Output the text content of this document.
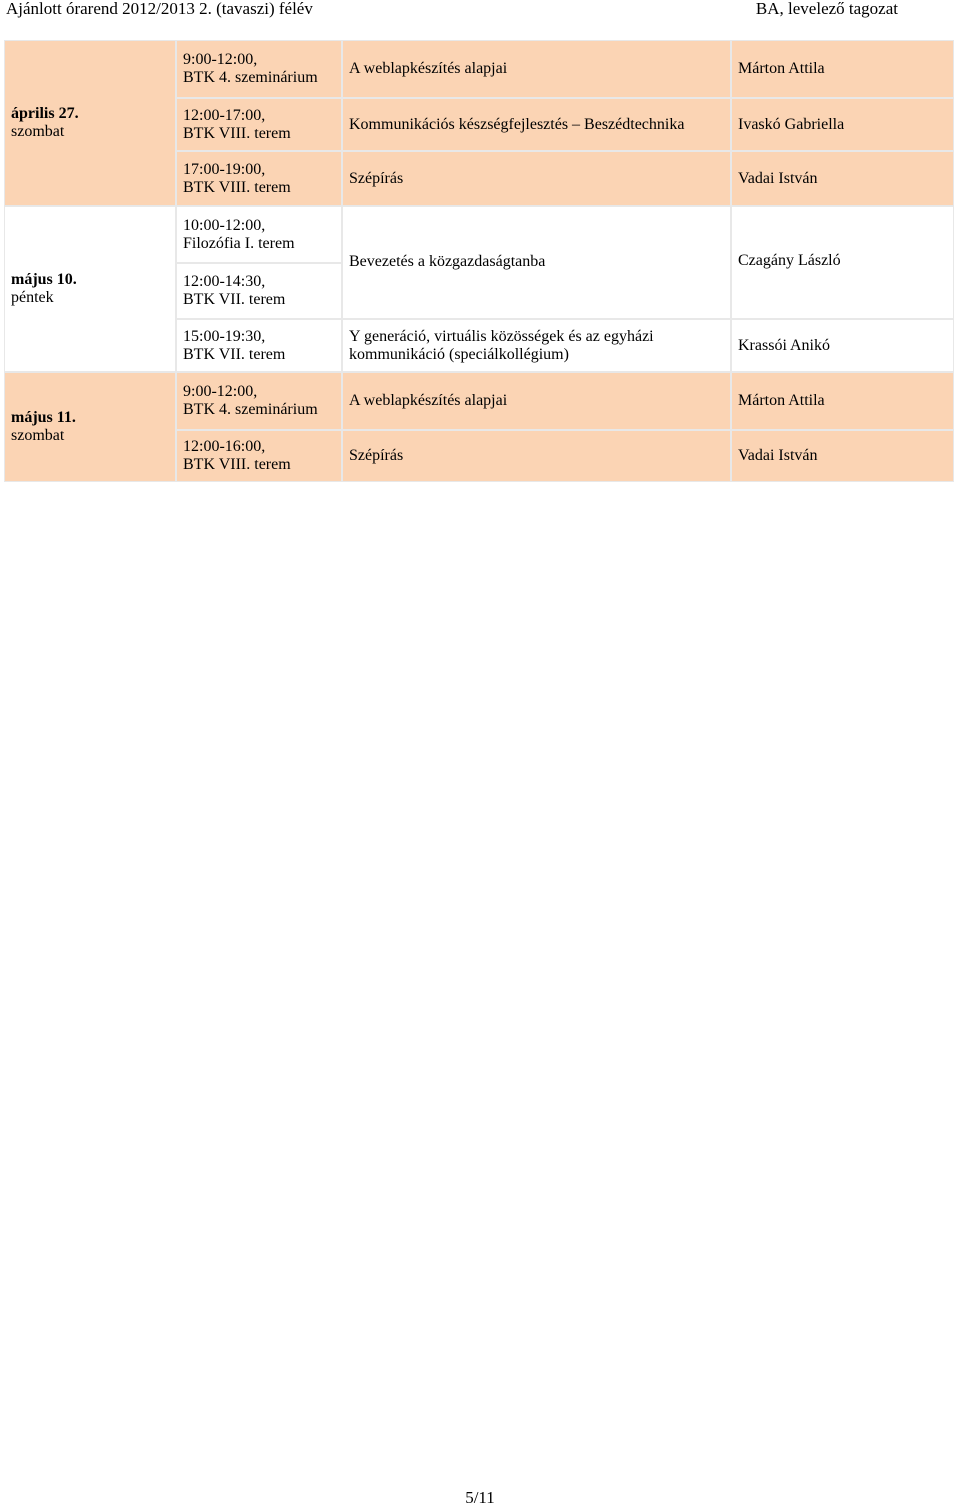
Ajánlott órarend 2012/2013 2. (tavaszi) félév	BA, levelező tagozat
április 27.
szombat
május 10.
péntek
május 11.
szombat
9:00-12:00,
BTK 4. szeminárium
12:00-17:00,
BTK VIII. terem
17:00-19:00,
BTK VIII. terem
10:00-12:00,
Filozófia I. terem
12:00-14:30,
BTK VII. terem
15:00-19:30,
BTK VII. terem
9:00-12:00,
BTK 4. szeminárium
12:00-16:00,
BTK VIII. terem
A weblapkészítés alapjai
Kommunikációs készségfejlesztés – Beszédtechnika
Szépírás
Bevezetés a közgazdaságtanba
Y generáció, virtuális közösségek és az egyházi kommunikáció (speciálkollégium)
A weblapkészítés alapjai
Szépírás
Márton Attila
Ivaskó Gabriella
Vadai István
Czagány László
Krassói Anikó
Márton Attila
Vadai István
5/11
